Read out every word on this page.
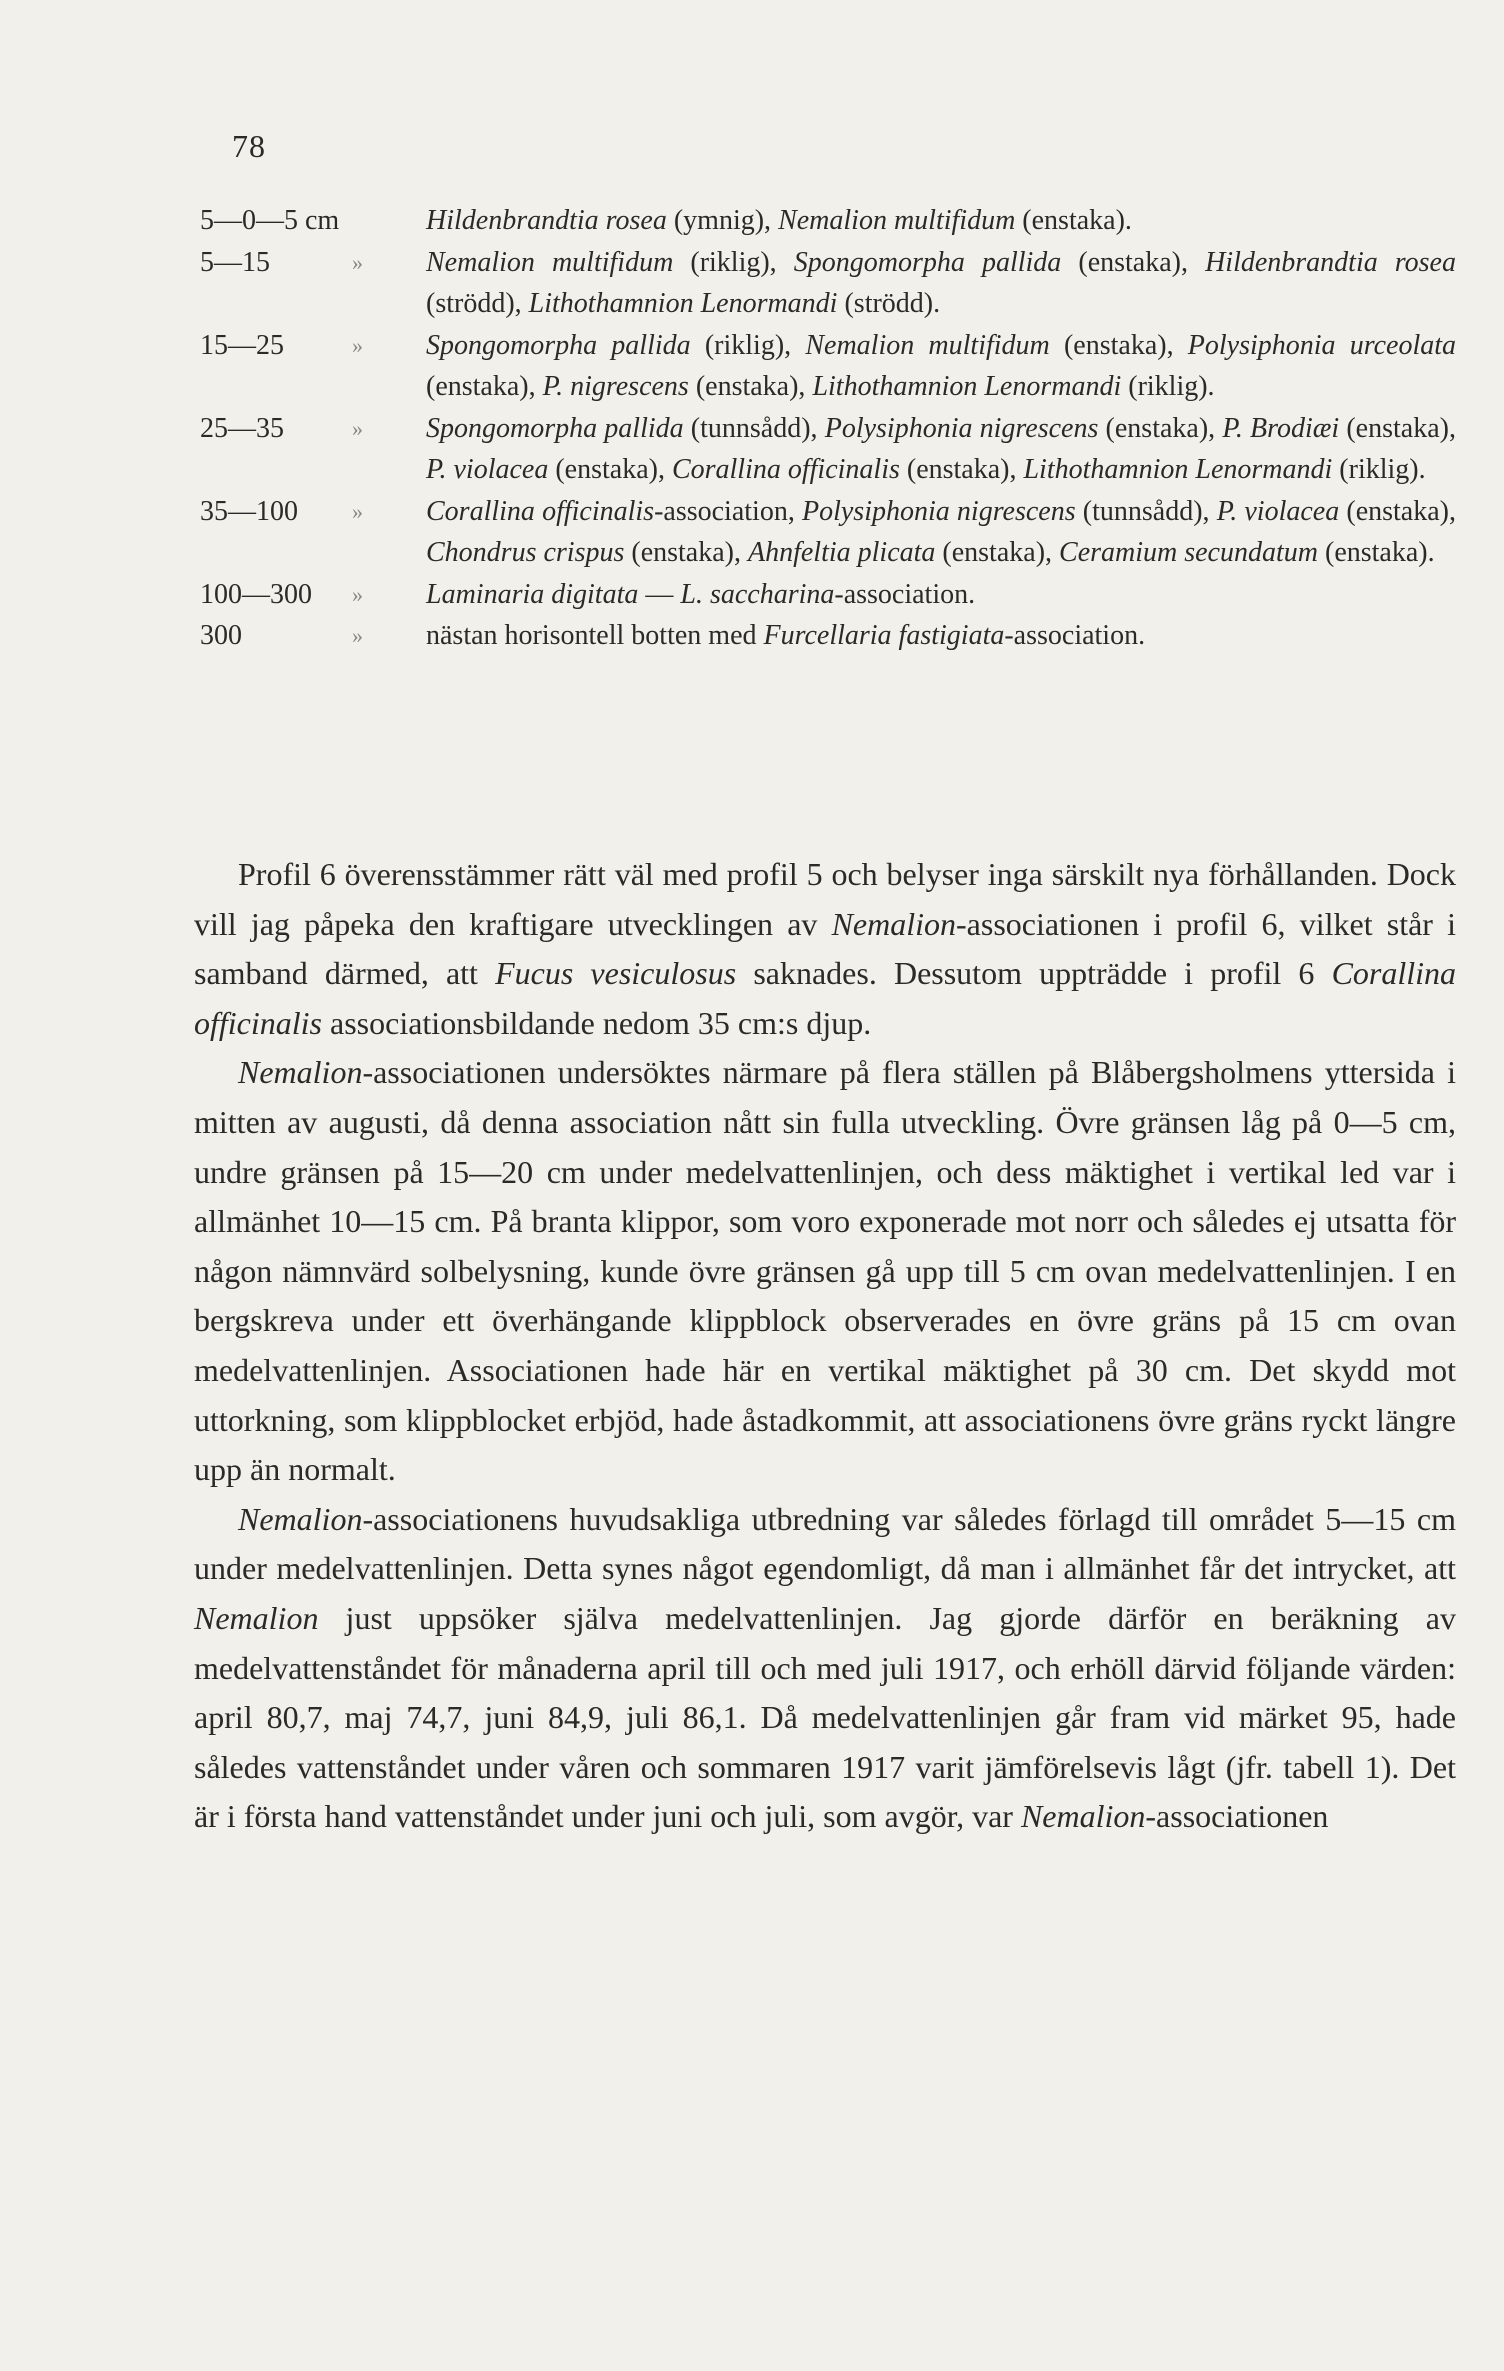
78
5—0—5 cm	Hildenbrandtia rosea (ymnig), Nemalion multifidum (enstaka).
5—15	» Nemalion multifidum (riklig), Spongomorpha pallida (enstaka), Hildenbrandtia rosea (strödd), Lithothamnion Lenormandi (strödd).
15—25	» Spongomorpha pallida (riklig), Nemalion multifidum (enstaka), Polysiphonia urceolata (enstaka), P. nigrescens (enstaka), Lithothamnion Lenormandi (riklig).
25—35	» Spongomorpha pallida (tunnsådd), Polysiphonia nigrescens (enstaka), P. Brodiæi (enstaka), P. violacea (enstaka), Corallina officinalis (enstaka), Lithothamnion Lenormandi (riklig).
35—100	» Corallina officinalis-association, Polysiphonia nigrescens (tunnsådd), P. violacea (enstaka), Chondrus crispus (enstaka), Ahnfeltia plicata (enstaka), Ceramium secundatum (enstaka).
100—300	» Laminaria digitata — L. saccharina-association.
300	» nästan horisontell botten med Furcellaria fastigiata-association.

Profil 6 överensstämmer rätt väl med profil 5 och belyser inga särskilt nya förhållanden. Dock vill jag påpeka den kraftigare utvecklingen av Nemalion-associationen i profil 6, vilket står i samband därmed, att Fucus vesiculosus saknades. Dessutom uppträdde i profil 6 Corallina officinalis associationsbildande nedom 35 cm:s djup.

Nemalion-associationen undersöktes närmare på flera ställen på Blåbergsholmens yttersida i mitten av augusti, då denna association nått sin fulla utveckling. Övre gränsen låg på 0—5 cm, undre gränsen på 15—20 cm under medelvattenlinjen, och dess mäktighet i vertikal led var i allmänhet 10—15 cm. På branta klippor, som voro exponerade mot norr och således ej utsatta för någon nämnvärd solbelysning, kunde övre gränsen gå upp till 5 cm ovan medelvattenlinjen. I en bergskreva under ett överhängande klippblock observerades en övre gräns på 15 cm ovan medelvattenlinjen. Associationen hade här en vertikal mäktighet på 30 cm. Det skydd mot uttorkning, som klippblocket erbjöd, hade åstadkommit, att associationens övre gräns ryckt längre upp än normalt.

Nemalion-associationens huvudsakliga utbredning var således förlagd till området 5—15 cm under medelvattenlinjen. Detta synes något egendomligt, då man i allmänhet får det intrycket, att Nemalion just uppsöker själva medelvattenlinjen. Jag gjorde därför en beräkning av medelvattenståndet för månaderna april till och med juli 1917, och erhöll därvid följande värden: april 80,7, maj 74,7, juni 84,9, juli 86,1. Då medelvattenlinjen går fram vid märket 95, hade således vattenståndet under våren och sommaren 1917 varit jämförelsevis lågt (jfr. tabell 1). Det är i första hand vattenståndet under juni och juli, som avgör, var Nemalion-associationen
